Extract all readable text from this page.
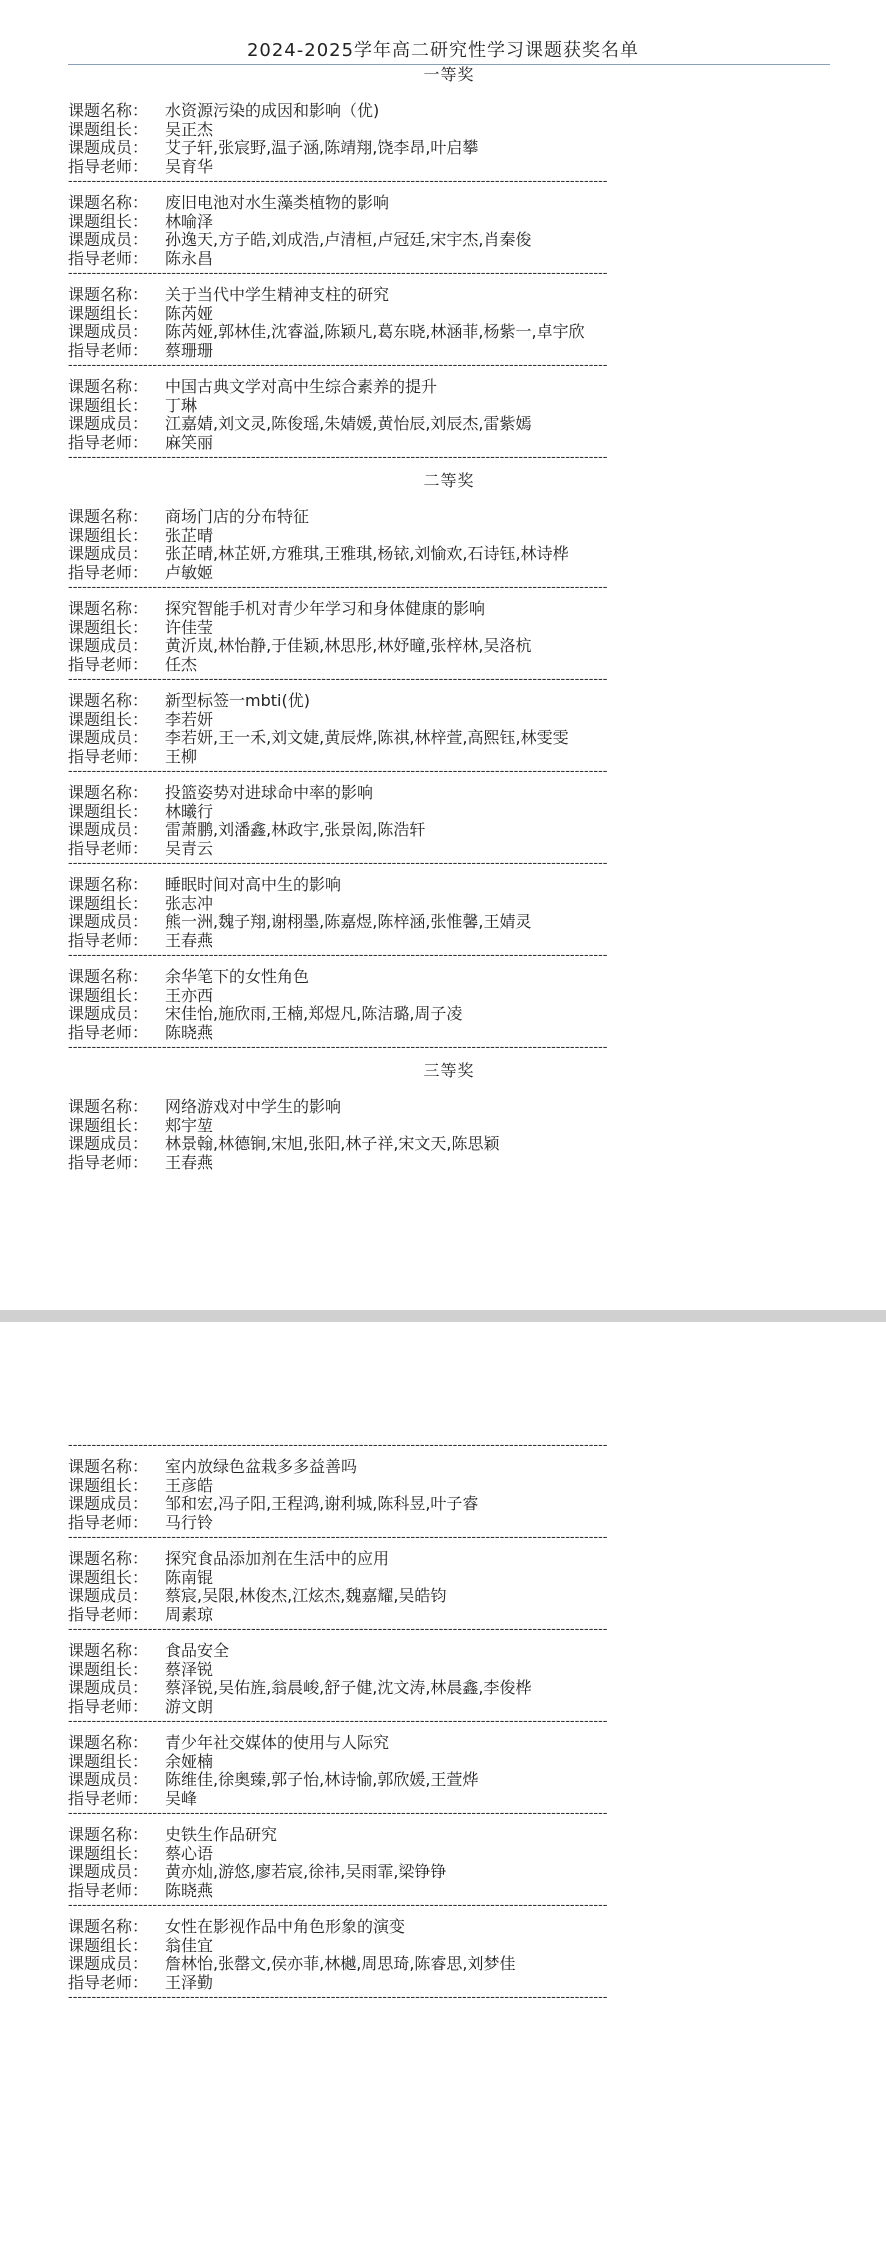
2024-2025学年高二研究性学习课题获奖名单
一等奖
课题名称： 水资源污染的成因和影响（优)
课题组长： 吴正杰
课题成员： 艾子轩,张宸野,温子涵,陈靖翔,饶李昂,叶启攀
指导老师： 吴育华
-------------------------------------------------------------------------------------------------------------------
课题名称： 废旧电池对水生藻类植物的影响
课题组长： 林喻泽
课题成员： 孙逸天,方子皓,刘成浩,卢清桓,卢冠廷,宋宇杰,肖秦俊
指导老师： 陈永昌
-------------------------------------------------------------------------------------------------------------------
课题名称： 关于当代中学生精神支柱的研究
课题组长： 陈芮娅
课题成员： 陈芮娅,郭林佳,沈睿溢,陈颖凡,葛东晓,林涵菲,杨紫一,卓宇欣
指导老师： 蔡珊珊
-------------------------------------------------------------------------------------------------------------------
课题名称： 中国古典文学对高中生综合素养的提升
课题组长： 丁琳
课题成员： 江嘉婧,刘文灵,陈俊瑶,朱婧媛,黄怡辰,刘辰杰,雷紫嫣
指导老师： 麻笑丽
-------------------------------------------------------------------------------------------------------------------
二等奖
课题名称： 商场门店的分布特征
课题组长： 张芷晴
课题成员： 张芷晴,林芷妍,方雅琪,王雅琪,杨铱,刘愉欢,石诗钰,林诗桦
指导老师： 卢敏姬
-------------------------------------------------------------------------------------------------------------------
课题名称： 探究智能手机对青少年学习和身体健康的影响
课题组长： 许佳莹
课题成员： 黄沂岚,林怡静,于佳颖,林思彤,林妤曈,张梓林,吴洛杭
指导老师： 任杰
-------------------------------------------------------------------------------------------------------------------
课题名称： 新型标签一mbti(优)
课题组长： 李若妍
课题成员： 李若妍,王一禾,刘文婕,黄辰烨,陈祺,林梓萱,高熙钰,林雯雯
指导老师： 王柳
-------------------------------------------------------------------------------------------------------------------
课题名称： 投篮姿势对进球命中率的影响
课题组长： 林曦行
课题成员： 雷萧鹏,刘潘鑫,林政宇,张景闳,陈浩轩
指导老师： 吴青云
-------------------------------------------------------------------------------------------------------------------
课题名称： 睡眠时间对高中生的影响
课题组长： 张志冲
课题成员： 熊一洲,魏子翔,谢栩墨,陈嘉煜,陈梓涵,张惟馨,王婧灵
指导老师： 王春燕
-------------------------------------------------------------------------------------------------------------------
课题名称： 余华笔下的女性角色
课题组长： 王亦西
课题成员： 宋佳怡,施欣雨,王楠,郑煜凡,陈洁璐,周子凌
指导老师： 陈晓燕
-------------------------------------------------------------------------------------------------------------------
三等奖
课题名称： 网络游戏对中学生的影响
课题组长： 郏宇堃
课题成员： 林景翰,林德锏,宋旭,张阳,林子祥,宋文天,陈思颖
指导老师： 王春燕
-------------------------------------------------------------------------------------------------------------------
课题名称： 室内放绿色盆栽多多益善吗
课题组长： 王彦皓
课题成员： 邹和宏,冯子阳,王程鸿,谢利城,陈科昱,叶子睿
指导老师： 马行铃
-------------------------------------------------------------------------------------------------------------------
课题名称： 探究食品添加剂在生活中的应用
课题组长： 陈南锟
课题成员： 蔡宸,吴限,林俊杰,江炫杰,魏嘉耀,吴皓钧
指导老师： 周素琼
-------------------------------------------------------------------------------------------------------------------
课题名称： 食品安全
课题组长： 蔡泽锐
课题成员： 蔡泽锐,吴佑旌,翁晨峻,舒子健,沈文涛,林晨鑫,李俊桦
指导老师： 游文朗
-------------------------------------------------------------------------------------------------------------------
课题名称： 青少年社交媒体的使用与人际究
课题组长： 余娅楠
课题成员： 陈维佳,徐奥臻,郭子怡,林诗愉,郭欣媛,王萱烨
指导老师： 吴峰
-------------------------------------------------------------------------------------------------------------------
课题名称： 史铁生作品研究
课题组长： 蔡心语
课题成员： 黄亦灿,游悠,廖若宸,徐祎,吴雨霏,梁铮铮
指导老师： 陈晓燕
-------------------------------------------------------------------------------------------------------------------
课题名称： 女性在影视作品中角色形象的演变
课题组长： 翁佳宜
课题成员： 詹林怡,张罄文,侯亦菲,林樾,周思琦,陈睿思,刘梦佳
指导老师： 王泽勤
-------------------------------------------------------------------------------------------------------------------
